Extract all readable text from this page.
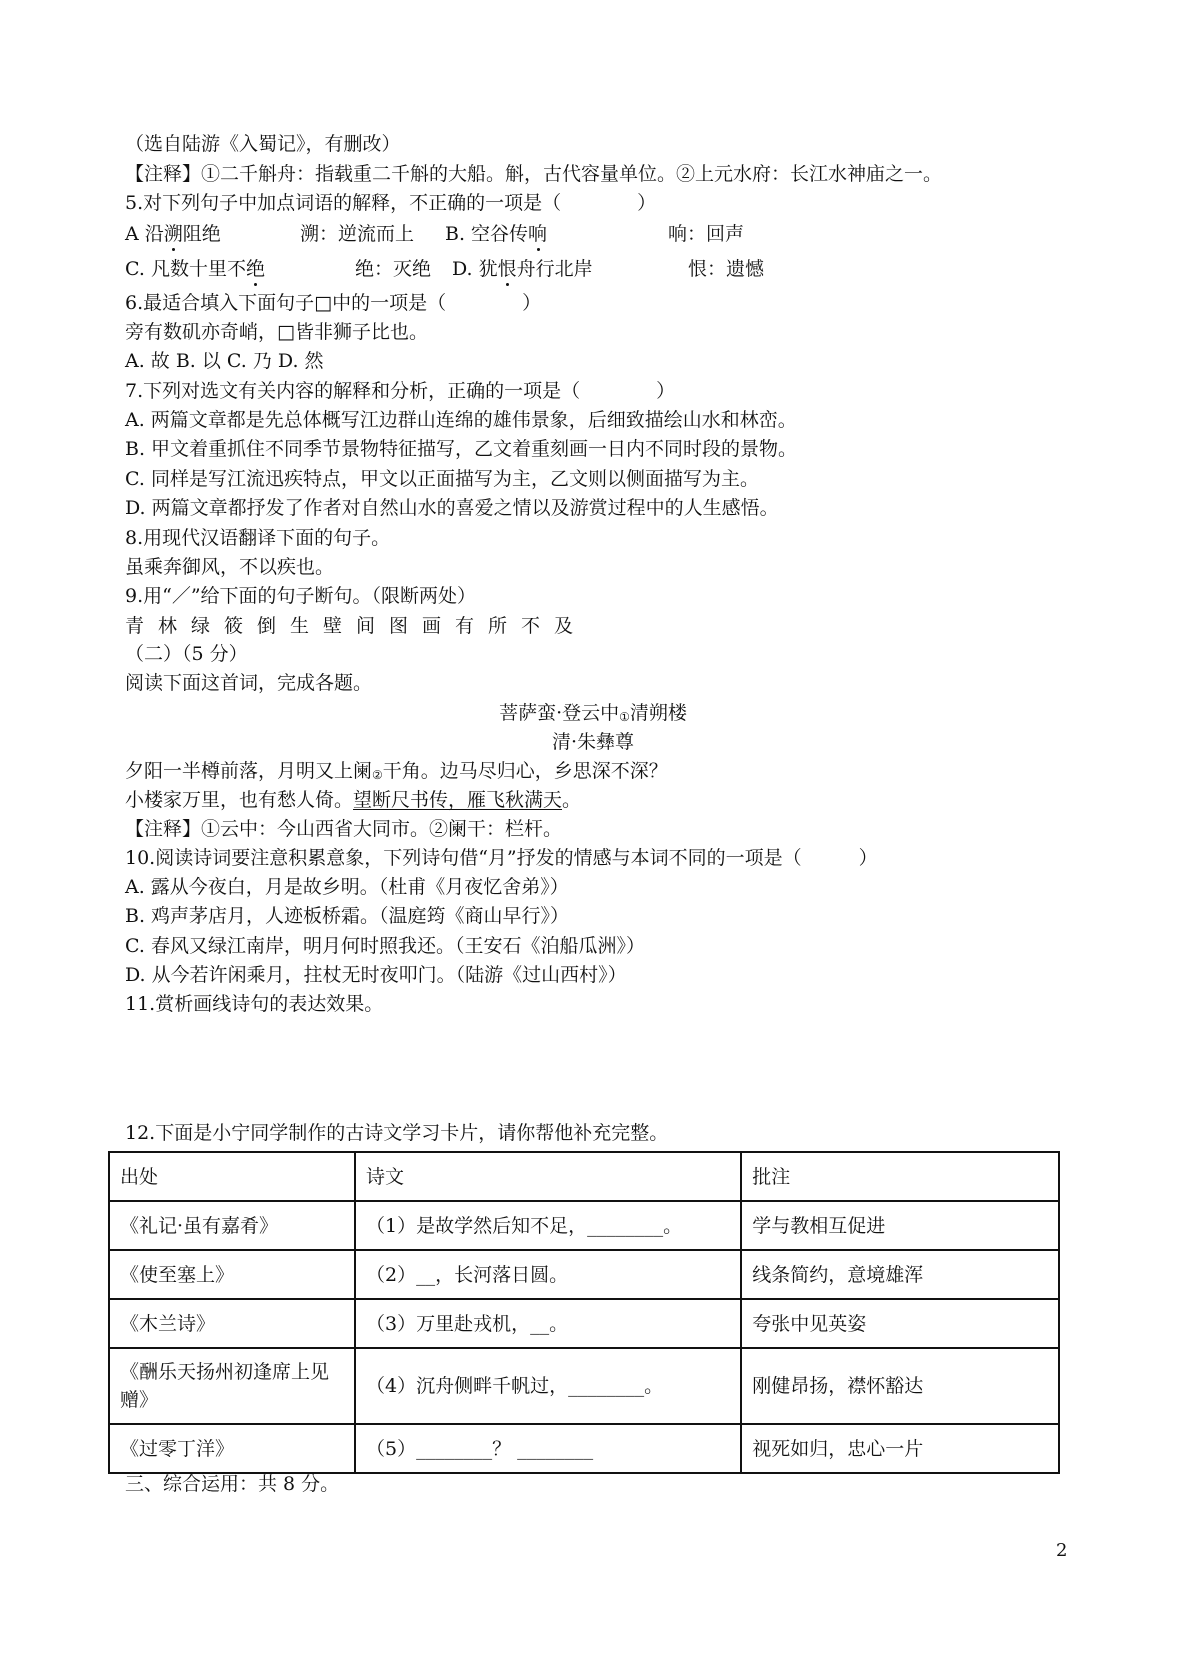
（选自陆游《入蜀记》，有删改）
【注释】①二千斛舟：指载重二千斛的大船。斛，古代容量单位。②上元水府：长江水神庙之一。
5.对下列句子中加点词语的解释，不正确的一项是（　　　　）
A 沿溯阻绝	溯：逆流而上 B. 空谷传响	响：回声
C. 凡数十里不绝	绝：灭绝 D. 犹恨舟行北岸	恨：遗憾
6.最适合填入下面句子□中的一项是（　　　　）
旁有数矶亦奇峭，□皆非狮子比也。
A. 故 B. 以 C. 乃 D. 然
7.下列对选文有关内容的解释和分析，正确的一项是（　　　　）
A. 两篇文章都是先总体概写江边群山连绵的雄伟景象，后细致描绘山水和林峦。
B. 甲文着重抓住不同季节景物特征描写，乙文着重刻画一日内不同时段的景物。
C. 同样是写江流迅疾特点，甲文以正面描写为主，乙文则以侧面描写为主。
D. 两篇文章都抒发了作者对自然山水的喜爱之情以及游赏过程中的人生感悟。
8.用现代汉语翻译下面的句子。
虽乘奔御风，不以疾也。
9.用“／”给下面的句子断句。（限断两处）
青林绿筱倒生壁间图画有所不及
（二）（5 分）
阅读下面这首词，完成各题。
菩萨蛮·登云中①清朔楼
清·朱彝尊
夕阳一半樽前落，月明又上阑②干角。边马尽归心，乡思深不深？
小楼家万里，也有愁人倚。望断尺书传，雁飞秋满天。
【注释】①云中：今山西省大同市。②阑干：栏杆。
10.阅读诗词要注意积累意象，下列诗句借“月”抒发的情感与本词不同的一项是（　　　）
A. 露从今夜白，月是故乡明。（杜甫《月夜忆舍弟》）
B. 鸡声茅店月，人迹板桥霜。（温庭筠《商山早行》）
C. 春风又绿江南岸，明月何时照我还。（王安石《泊船瓜洲》）
D. 从今若许闲乘月，拄杖无时夜叩门。（陆游《过山西村》）
11.赏析画线诗句的表达效果。
12.下面是小宁同学制作的古诗文学习卡片，请你帮他补充完整。
出处	诗文	批注
《礼记·虽有嘉肴》	（1）是故学然后知不足，________。	学与教相互促进
《使至塞上》	（2）__，长河落日圆。	线条简约，意境雄浑
《木兰诗》	（3）万里赴戎机，__。	夸张中见英姿
《酬乐天扬州初逢席上见赠》	（4）沉舟侧畔千帆过，________。	刚健昂扬，襟怀豁达
《过零丁洋》	（5）________？ ________	视死如归，忠心一片
三、综合运用：共 8 分。
2
